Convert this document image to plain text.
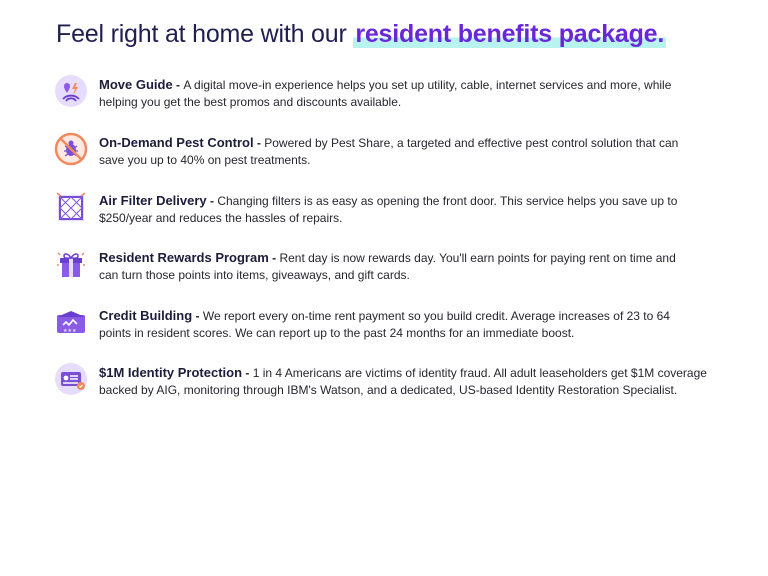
Feel right at home with our resident benefits package.
Move Guide - A digital move-in experience helps you set up utility, cable, internet services and more, while
helping you get the best promos and discounts available.
On-Demand Pest Control - Powered by Pest Share, a targeted and effective pest control solution that can
save you up to 40% on pest treatments.
Air Filter Delivery - Changing filters is as easy as opening the front door. This service helps you save up to
$250/year and reduces the hassles of repairs.
Resident Rewards Program - Rent day is now rewards day. You'll earn points for paying rent on time and
can turn those points into items, giveaways, and gift cards.
★★★
Credit Building - We report every on-time rent payment so you build credit. Average increases of 23 to 64
points in resident scores. We can report up to the past 24 months for an immediate boost.
$1M Identity Protection - 1 in 4 Americans are victims of identity fraud. All adult leaseholders get $1M coverage
backed by AIG, monitoring through IBM's Watson, and a dedicated, US-based Identity Restoration Specialist.
